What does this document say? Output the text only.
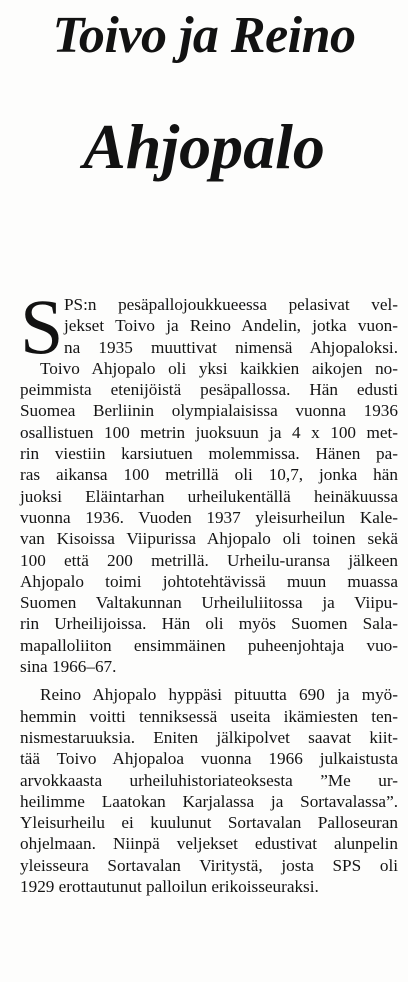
Toivo ja Reino
Ahjopalo
S PS:n pesäpallojoukkueessa pelasivat vel-
jekset Toivo ja Reino Andelin, jotka vuon-
na 1935 muuttivat nimensä Ahjopaloksi.
Toivo Ahjopalo oli yksi kaikkien aikojen no-
peimmista etenijöistä pesäpallossa. Hän edusti
Suomea Berliinin olympialaisissa vuonna 1936
osallistuen 100 metrin juoksuun ja 4 x 100 met-
rin viestiin karsiutuen molemmissa. Hänen pa-
ras aikansa 100 metrillä oli 10,7, jonka hän
juoksi Eläintarhan urheilukentällä heinäkuussa
vuonna 1936. Vuoden 1937 yleisurheilun Kale-
van Kisoissa Viipurissa Ahjopalo oli toinen sekä
100 että 200 metrillä. Urheilu-uransa jälkeen
Ahjopalo toimi johtotehtävissä muun muassa
Suomen Valtakunnan Urheiluliitossa ja Viipu-
rin Urheilijoissa. Hän oli myös Suomen Sala-
mapalloliiton ensimmäinen puheenjohtaja vuo-
sina 1966–67.
Reino Ahjopalo hyppäsi pituutta 690 ja myö-
hemmin voitti tenniksessä useita ikämiesten ten-
nismestaruuksia. Eniten jälkipolvet saavat kiit-
tää Toivo Ahjopaloa vuonna 1966 julkaistusta
arvokkaasta urheiluhistoriateoksesta ”Me ur-
heilimme Laatokan Karjalassa ja Sortavalassa”.
Yleisurheilu ei kuulunut Sortavalan Palloseuran
ohjelmaan. Niinpä veljekset edustivat alunpelin
yleisseura Sortavalan Viritystä, josta SPS oli
1929 erottautunut palloilun erikoisseuraksi.
